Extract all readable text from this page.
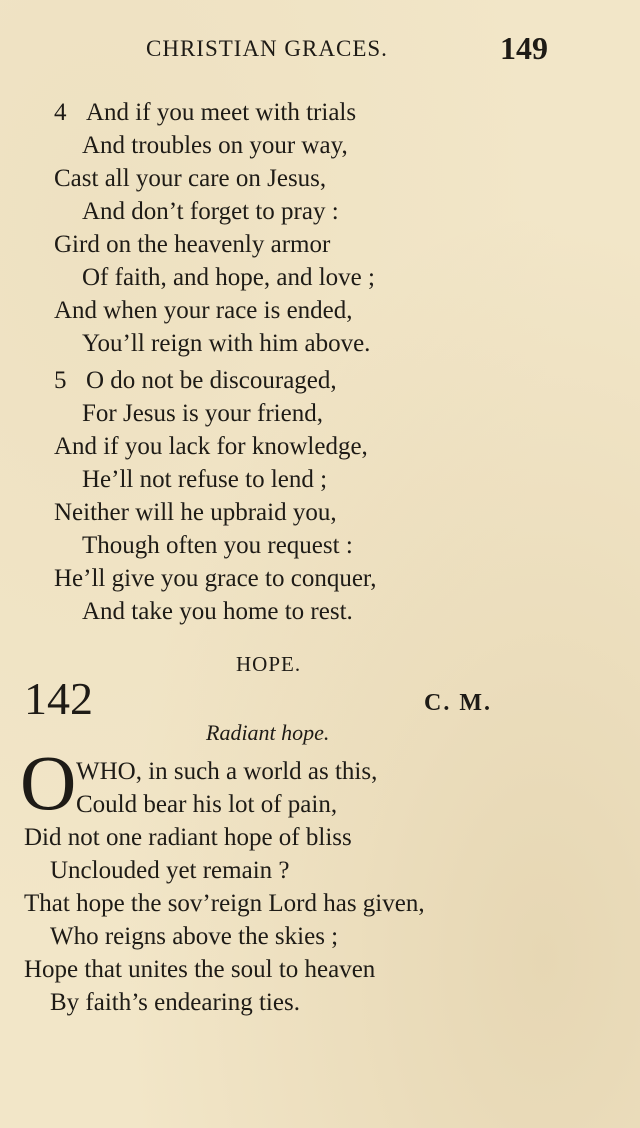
CHRISTIAN GRACES.	149
4 And if you meet with trials
And troubles on your way,
Cast all your care on Jesus,
And don’t forget to pray :
Gird on the heavenly armor
Of faith, and hope, and love ;
And when your race is ended,
You’ll reign with him above.
5 O do not be discouraged,
For Jesus is your friend,
And if you lack for knowledge,
He’ll not refuse to lend ;
Neither will he upbraid you,
Though often you request :
He’ll give you grace to conquer,
And take you home to rest.
HOPE.
142	C. M.
Radiant hope.
O WHO, in such a world as this,
Could bear his lot of pain,
Did not one radiant hope of bliss
Unclouded yet remain ?
That hope the sov’reign Lord has given,
Who reigns above the skies ;
Hope that unites the soul to heaven
By faith’s endearing ties.
